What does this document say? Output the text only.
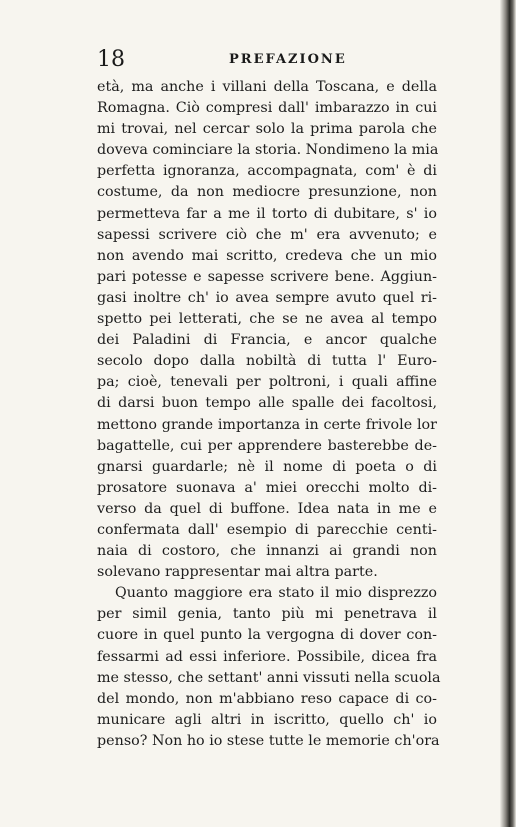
18	PREFAZIONE
età, ma anche i villani della Toscana, e della
Romagna. Ciò compresi dall' imbarazzo in cui
mi trovai, nel cercar solo la prima parola che
doveva cominciare la storia. Nondimeno la mia
perfetta ignoranza, accompagnata, com' è di
costume, da non mediocre presunzione, non
permetteva far a me il torto di dubitare, s' io
sapessi scrivere ciò che m' era avvenuto; e
non avendo mai scritto, credeva che un mio
pari potesse e sapesse scrivere bene. Aggiun-
gasi inoltre ch' io avea sempre avuto quel ri-
spetto pei letterati, che se ne avea al tempo
dei Paladini di Francia, e ancor qualche
secolo dopo dalla nobiltà di tutta l' Euro-
pa; cioè, tenevali per poltroni, i quali affine
di darsi buon tempo alle spalle dei facoltosi,
mettono grande importanza in certe frivole lor
bagattelle, cui per apprendere basterebbe de-
gnarsi guardarle; nè il nome di poeta o di
prosatore suonava a' miei orecchi molto di-
verso da quel di buffone. Idea nata in me e
confermata dall' esempio di parecchie centi-
naia di costoro, che innanzi ai grandi non
solevano rappresentar mai altra parte.
Quanto maggiore era stato il mio disprezzo
per simil genia, tanto più mi penetrava il
cuore in quel punto la vergogna di dover con-
fessarmi ad essi inferiore. Possibile, dicea fra
me stesso, che settant' anni vissuti nella scuola
del mondo, non m'abbiano reso capace di co-
municare agli altri in iscritto, quello ch' io
penso? Non ho io stese tutte le memorie ch'ora
